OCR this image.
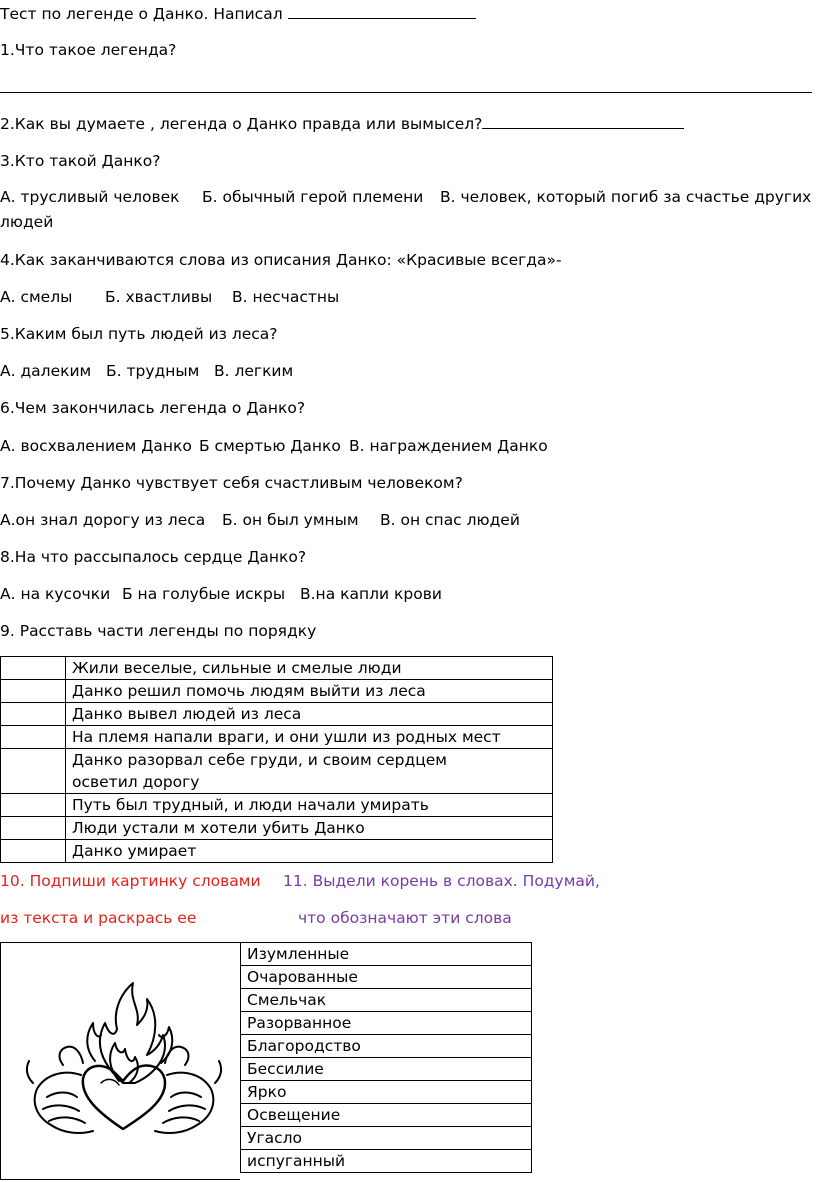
Тест по легенде о Данко. Написал
1.Что такое легенда?
2.Как вы думаете , легенда о Данко правда или вымысел?
3.Кто такой Данко?
А. трусливый человек Б. обычный герой племени В. человек, который погиб за счастье других
людей
4.Как заканчиваются слова из описания Данко: «Красивые всегда»-
А. смелы Б. хвастливы В. несчастны
5.Каким был путь людей из леса?
А. далеким Б. трудным В. легким
6.Чем закончилась легенда о Данко?
А. восхвалением Данко Б смертью Данко В. награждением Данко
7.Почему Данко чувствует себя счастливым человеком?
А.он знал дорогу из леса Б. он был умным В. он спас людей
8.На что рассыпалось сердце Данко?
А. на кусочки Б на голубые искры В.на капли крови
9. Расставь части легенды по порядку
	Жили веселые, сильные и смелые люди
	Данко решил помочь людям выйти из леса
	Данко вывел людей из леса
	На племя напали враги, и они ушли из родных мест
	Данко разорвал себе груди, и своим сердцем осветил дорогу
	Путь был трудный, и люди начали умирать
	Люди устали м хотели убить Данко
	Данко умирает
10. Подпиши картинку словами
из текста и раскрась ее
11. Выдели корень в словах. Подумай,
что обозначают эти слова
Изумленные
Очарованные
Смельчак
Разорванное
Благородство
Бессилие
Ярко
Освещение
Угасло
испуганный
